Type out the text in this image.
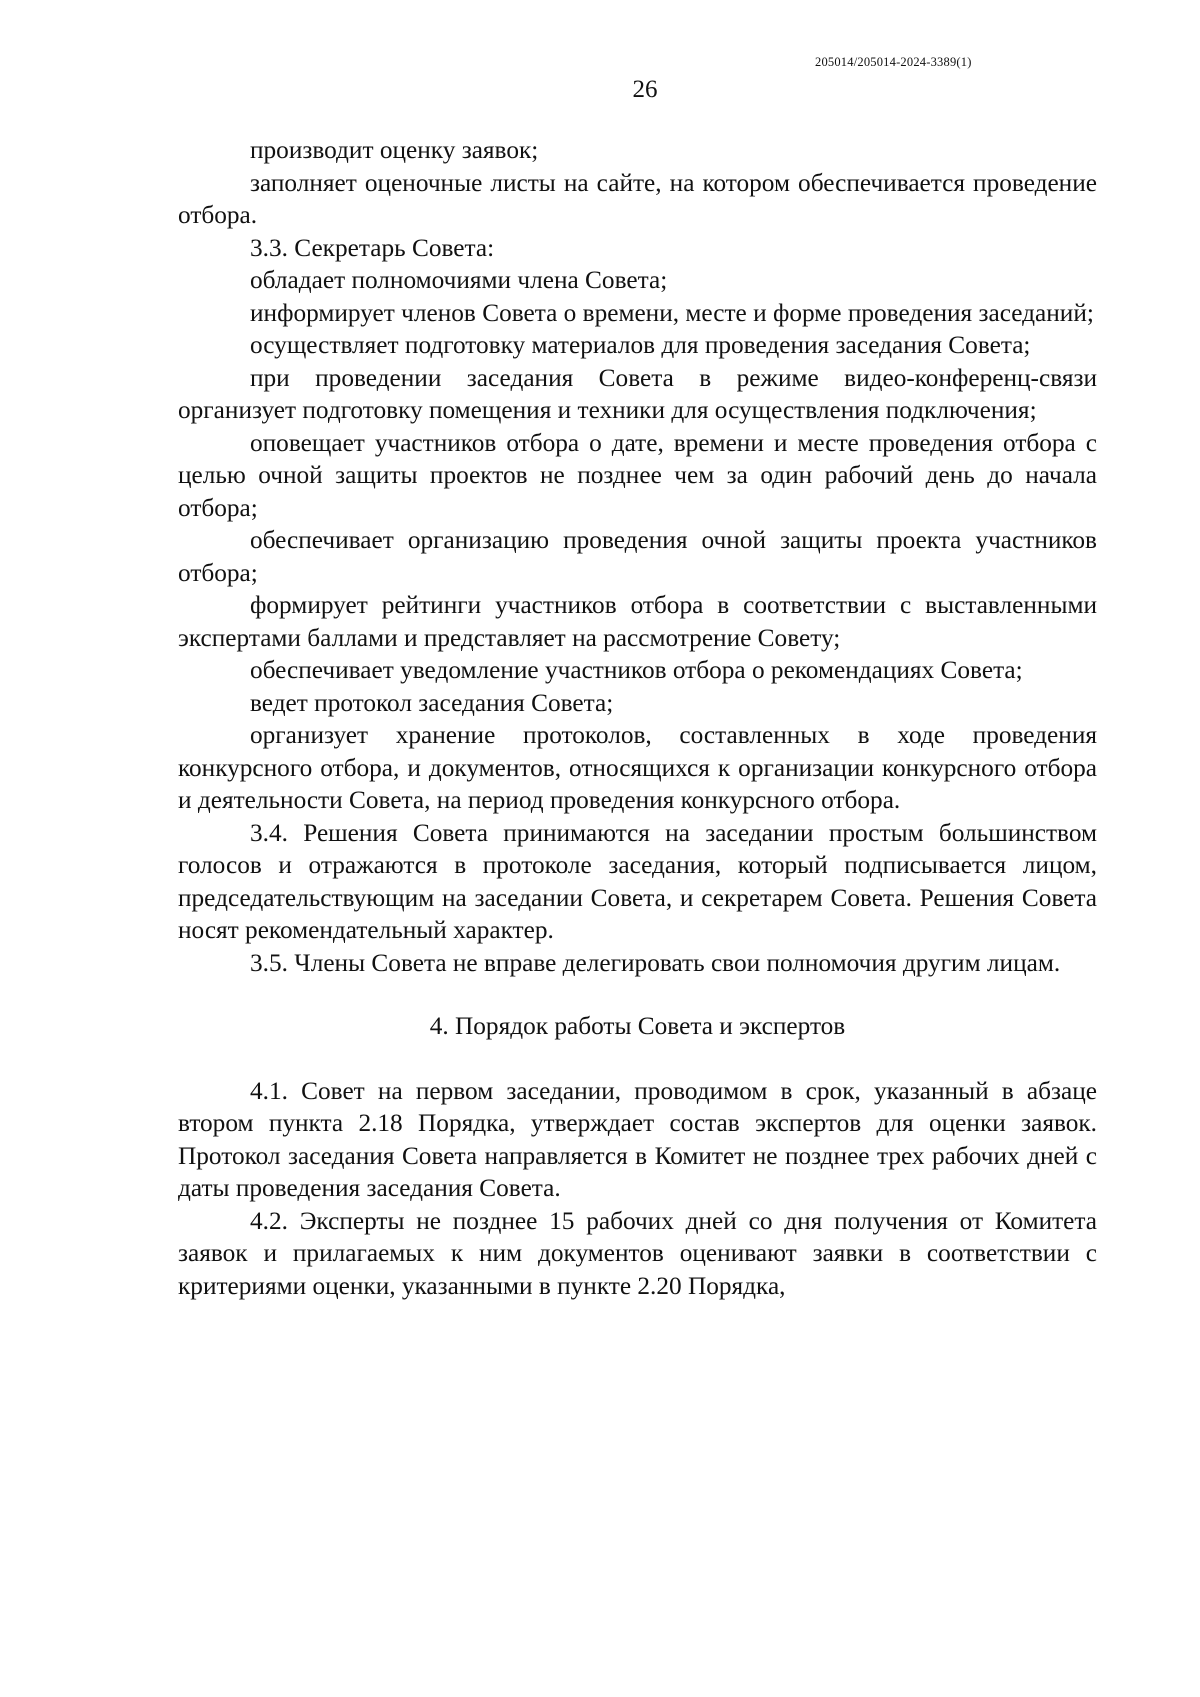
205014/205014-2024-3389(1)
26

производит оценку заявок;

заполняет оценочные листы на сайте, на котором обеспечивается проведение отбора.

3.3. Секретарь Совета:

обладает полномочиями члена Совета;

информирует членов Совета о времени, месте и форме проведения заседаний;

осуществляет подготовку материалов для проведения заседания Совета;

при проведении заседания Совета в режиме видео-конференц-связи организует подготовку помещения и техники для осуществления подключения;

оповещает участников отбора о дате, времени и месте проведения отбора с целью очной защиты проектов не позднее чем за один рабочий день до начала отбора;

обеспечивает организацию проведения очной защиты проекта участников отбора;

формирует рейтинги участников отбора в соответствии с выставленными экспертами баллами и представляет на рассмотрение Совету;

обеспечивает уведомление участников отбора о рекомендациях Совета;

ведет протокол заседания Совета;

организует хранение протоколов, составленных в ходе проведения конкурсного отбора, и документов, относящихся к организации конкурсного отбора и деятельности Совета, на период проведения конкурсного отбора.

3.4. Решения Совета принимаются на заседании простым большинством голосов и отражаются в протоколе заседания, который подписывается лицом, председательствующим на заседании Совета, и секретарем Совета. Решения Совета носят рекомендательный характер.

3.5. Члены Совета не вправе делегировать свои полномочия другим лицам.

4. Порядок работы Совета и экспертов

4.1. Совет на первом заседании, проводимом в срок, указанный в абзаце втором пункта 2.18 Порядка, утверждает состав экспертов для оценки заявок. Протокол заседания Совета направляется в Комитет не позднее трех рабочих дней с даты проведения заседания Совета.

4.2. Эксперты не позднее 15 рабочих дней со дня получения от Комитета заявок и прилагаемых к ним документов оценивают заявки в соответствии с критериями оценки, указанными в пункте 2.20 Порядка,
